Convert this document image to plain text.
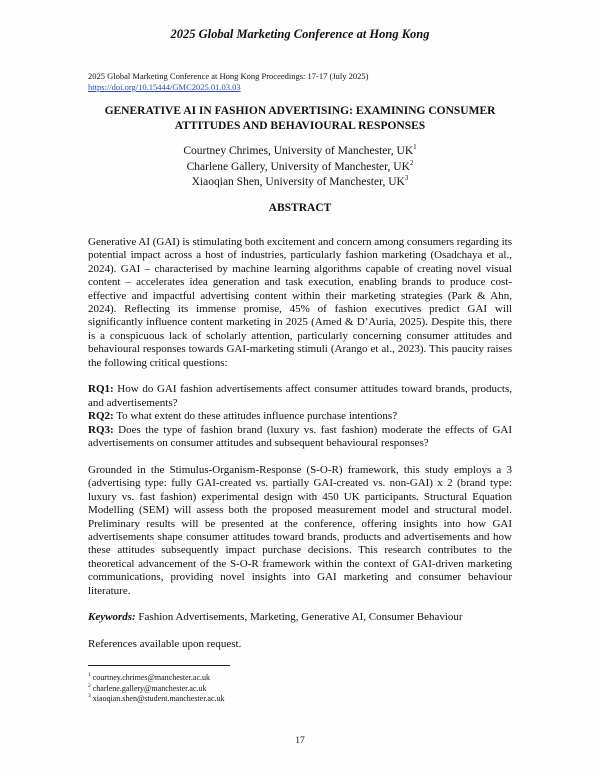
2025 Global Marketing Conference at Hong Kong
2025 Global Marketing Conference at Hong Kong Proceedings: 17-17 (July 2025)
https://doi.org/10.15444/GMC2025.01.03.03
GENERATIVE AI IN FASHION ADVERTISING: EXAMINING CONSUMER
ATTITUDES AND BEHAVIOURAL RESPONSES
Courtney Chrimes, University of Manchester, $UK^1$
Charlene Gallery, University of Manchester, $UK^2$
Xiaoqian Shen, University of Manchester, $UK^3$
ABSTRACT

Generative AI (GAI) is stimulating both excitement and concern among consumers regarding its potential impact across a host of industries, particularly fashion marketing (Osadchaya et al., 2024). GAI – characterised by machine learning algorithms capable of creating novel visual content – accelerates idea generation and task execution, enabling brands to produce cost-effective and impactful advertising content within their marketing strategies (Park & Ahn, 2024). Reflecting its immense promise, 45% of fashion executives predict GAI will significantly influence content marketing in 2025 (Amed & D’Auria, 2025). Despite this, there is a conspicuous lack of scholarly attention, particularly concerning consumer attitudes and behavioural responses towards GAI-marketing stimuli (Arango et al., 2023). This paucity raises the following critical questions:

RQ1: How do GAI fashion advertisements affect consumer attitudes toward brands, products, and advertisements?
RQ2: To what extent do these attitudes influence purchase intentions?
RQ3: Does the type of fashion brand (luxury vs. fast fashion) moderate the effects of GAI advertisements on consumer attitudes and subsequent behavioural responses?

Grounded in the Stimulus-Organism-Response (S-O-R) framework, this study employs a 3 (advertising type: fully GAI-created vs. partially GAI-created vs. non-GAI) x 2 (brand type: luxury vs. fast fashion) experimental design with 450 UK participants. Structural Equation Modelling (SEM) will assess both the proposed measurement model and structural model. Preliminary results will be presented at the conference, offering insights into how GAI advertisements shape consumer attitudes toward brands, products and advertisements and how these attitudes subsequently impact purchase decisions. This research contributes to the theoretical advancement of the S-O-R framework within the context of GAI-driven marketing communications, providing novel insights into GAI marketing and consumer behaviour literature.

Keywords: Fashion Advertisements, Marketing, Generative AI, Consumer Behaviour

References available upon request.

$^1$ courtney.chrimes@manchester.ac.uk
$^2$ charlene.gallery@manchester.ac.uk
$^3$ xiaoqian.shen@student.manchester.ac.uk
17
